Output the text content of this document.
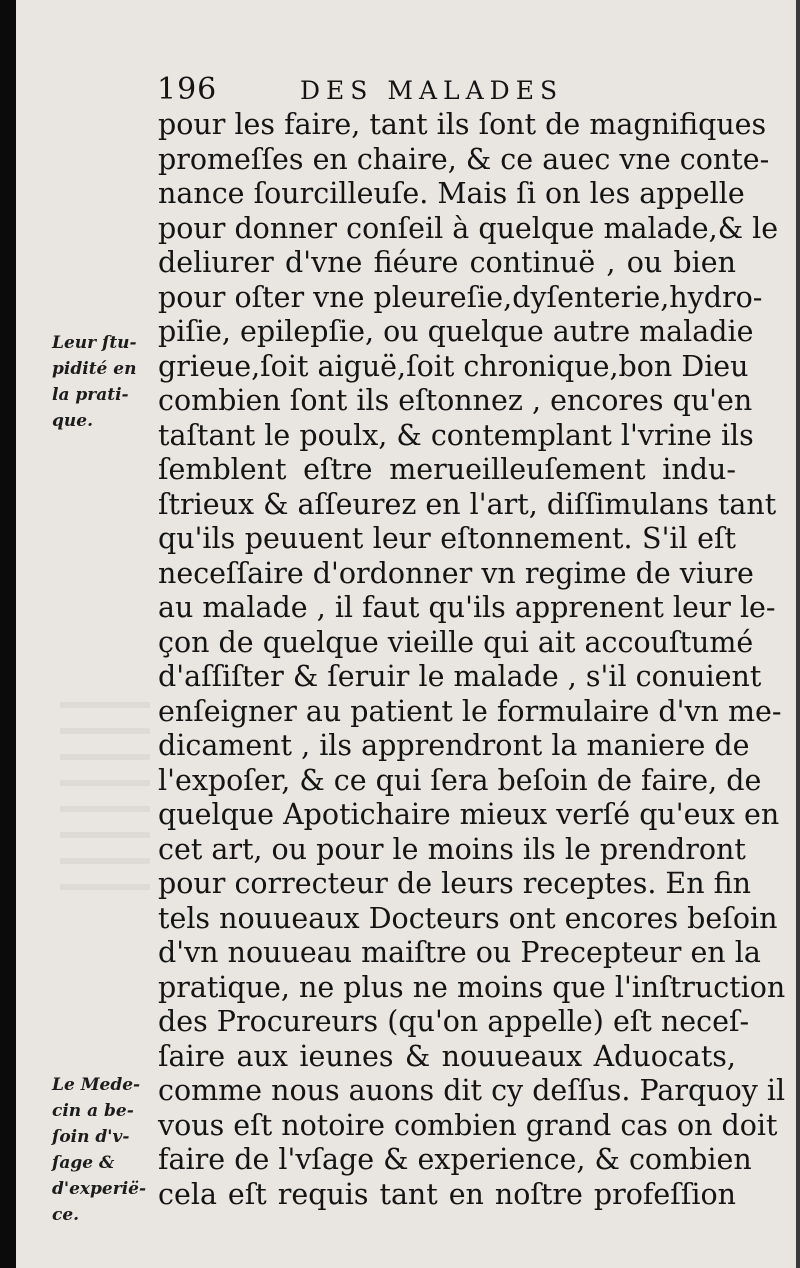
196	DES MALADES
pour les faire, tant ils ſont de magnifiques
promeſſes en chaire, & ce auec vne conte-
nance ſourcilleuſe. Mais ſi on les appelle
pour donner conſeil à quelque malade,& le
deliurer d'vne fiéure continuë , ou bien
pour oſter vne pleureſie,dyſenterie,hydro-
piſie, epilepſie, ou quelque autre maladie
grieue,ſoit aiguë,ſoit chronique,bon Dieu
combien ſont ils eſtonnez , encores qu'en
taſtant le poulx, & contemplant l'vrine ils
ſemblent eſtre merueilleuſement indu-
ſtrieux & aſſeurez en l'art, diſſimulans tant
qu'ils peuuent leur eſtonnement. S'il eſt
neceſſaire d'ordonner vn regime de viure
au malade , il faut qu'ils apprenent leur le-
çon de quelque vieille qui ait accouſtumé
d'aſſiſter & ſeruir le malade , s'il conuient
enſeigner au patient le formulaire d'vn me-
dicament , ils apprendront la maniere de
l'expoſer, & ce qui ſera beſoin de faire, de
quelque Apotichaire mieux verſé qu'eux en
cet art, ou pour le moins ils le prendront
pour correcteur de leurs receptes. En fin
tels nouueaux Docteurs ont encores beſoin
d'vn nouueau maiſtre ou Precepteur en la
pratique, ne plus ne moins que l'inſtruction
des Procureurs (qu'on appelle) eſt neceſ-
ſaire aux ieunes & nouueaux Aduocats,
comme nous auons dit cy deſſus. Parquoy il
vous eſt notoire combien grand cas on doit
faire de l'vſage & experience, & combien
cela eſt requis tant en noſtre profeſſion
Leur ſtu-
pidité en
la prati-
que.
Le Mede-
cin a be-
ſoin d'v-
ſage &
d'experië-
ce.
